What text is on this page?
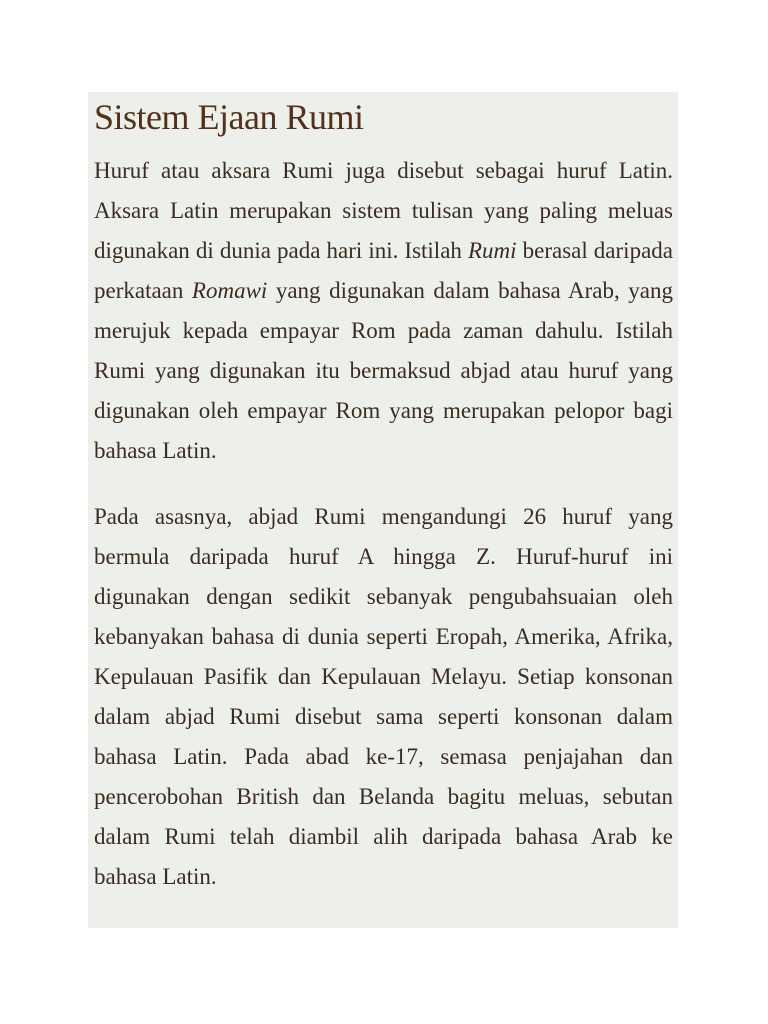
Sistem Ejaan Rumi

Huruf atau aksara Rumi juga disebut sebagai huruf Latin. Aksara Latin merupakan sistem tulisan yang paling meluas digunakan di dunia pada hari ini. Istilah Rumi berasal daripada perkataan Romawi yang digunakan dalam bahasa Arab, yang merujuk kepada empayar Rom pada zaman dahulu. Istilah Rumi yang digunakan itu bermaksud abjad atau huruf yang digunakan oleh empayar Rom yang merupakan pelopor bagi bahasa Latin.

Pada asasnya, abjad Rumi mengandungi 26 huruf yang bermula daripada huruf A hingga Z. Huruf-huruf ini digunakan dengan sedikit sebanyak pengubahsuaian oleh kebanyakan bahasa di dunia seperti Eropah, Amerika, Afrika, Kepulauan Pasifik dan Kepulauan Melayu. Setiap konsonan dalam abjad Rumi disebut sama seperti konsonan dalam bahasa Latin. Pada abad ke-17, semasa penjajahan dan pencerobohan British dan Belanda bagitu meluas, sebutan dalam Rumi telah diambil alih daripada bahasa Arab ke bahasa Latin.
